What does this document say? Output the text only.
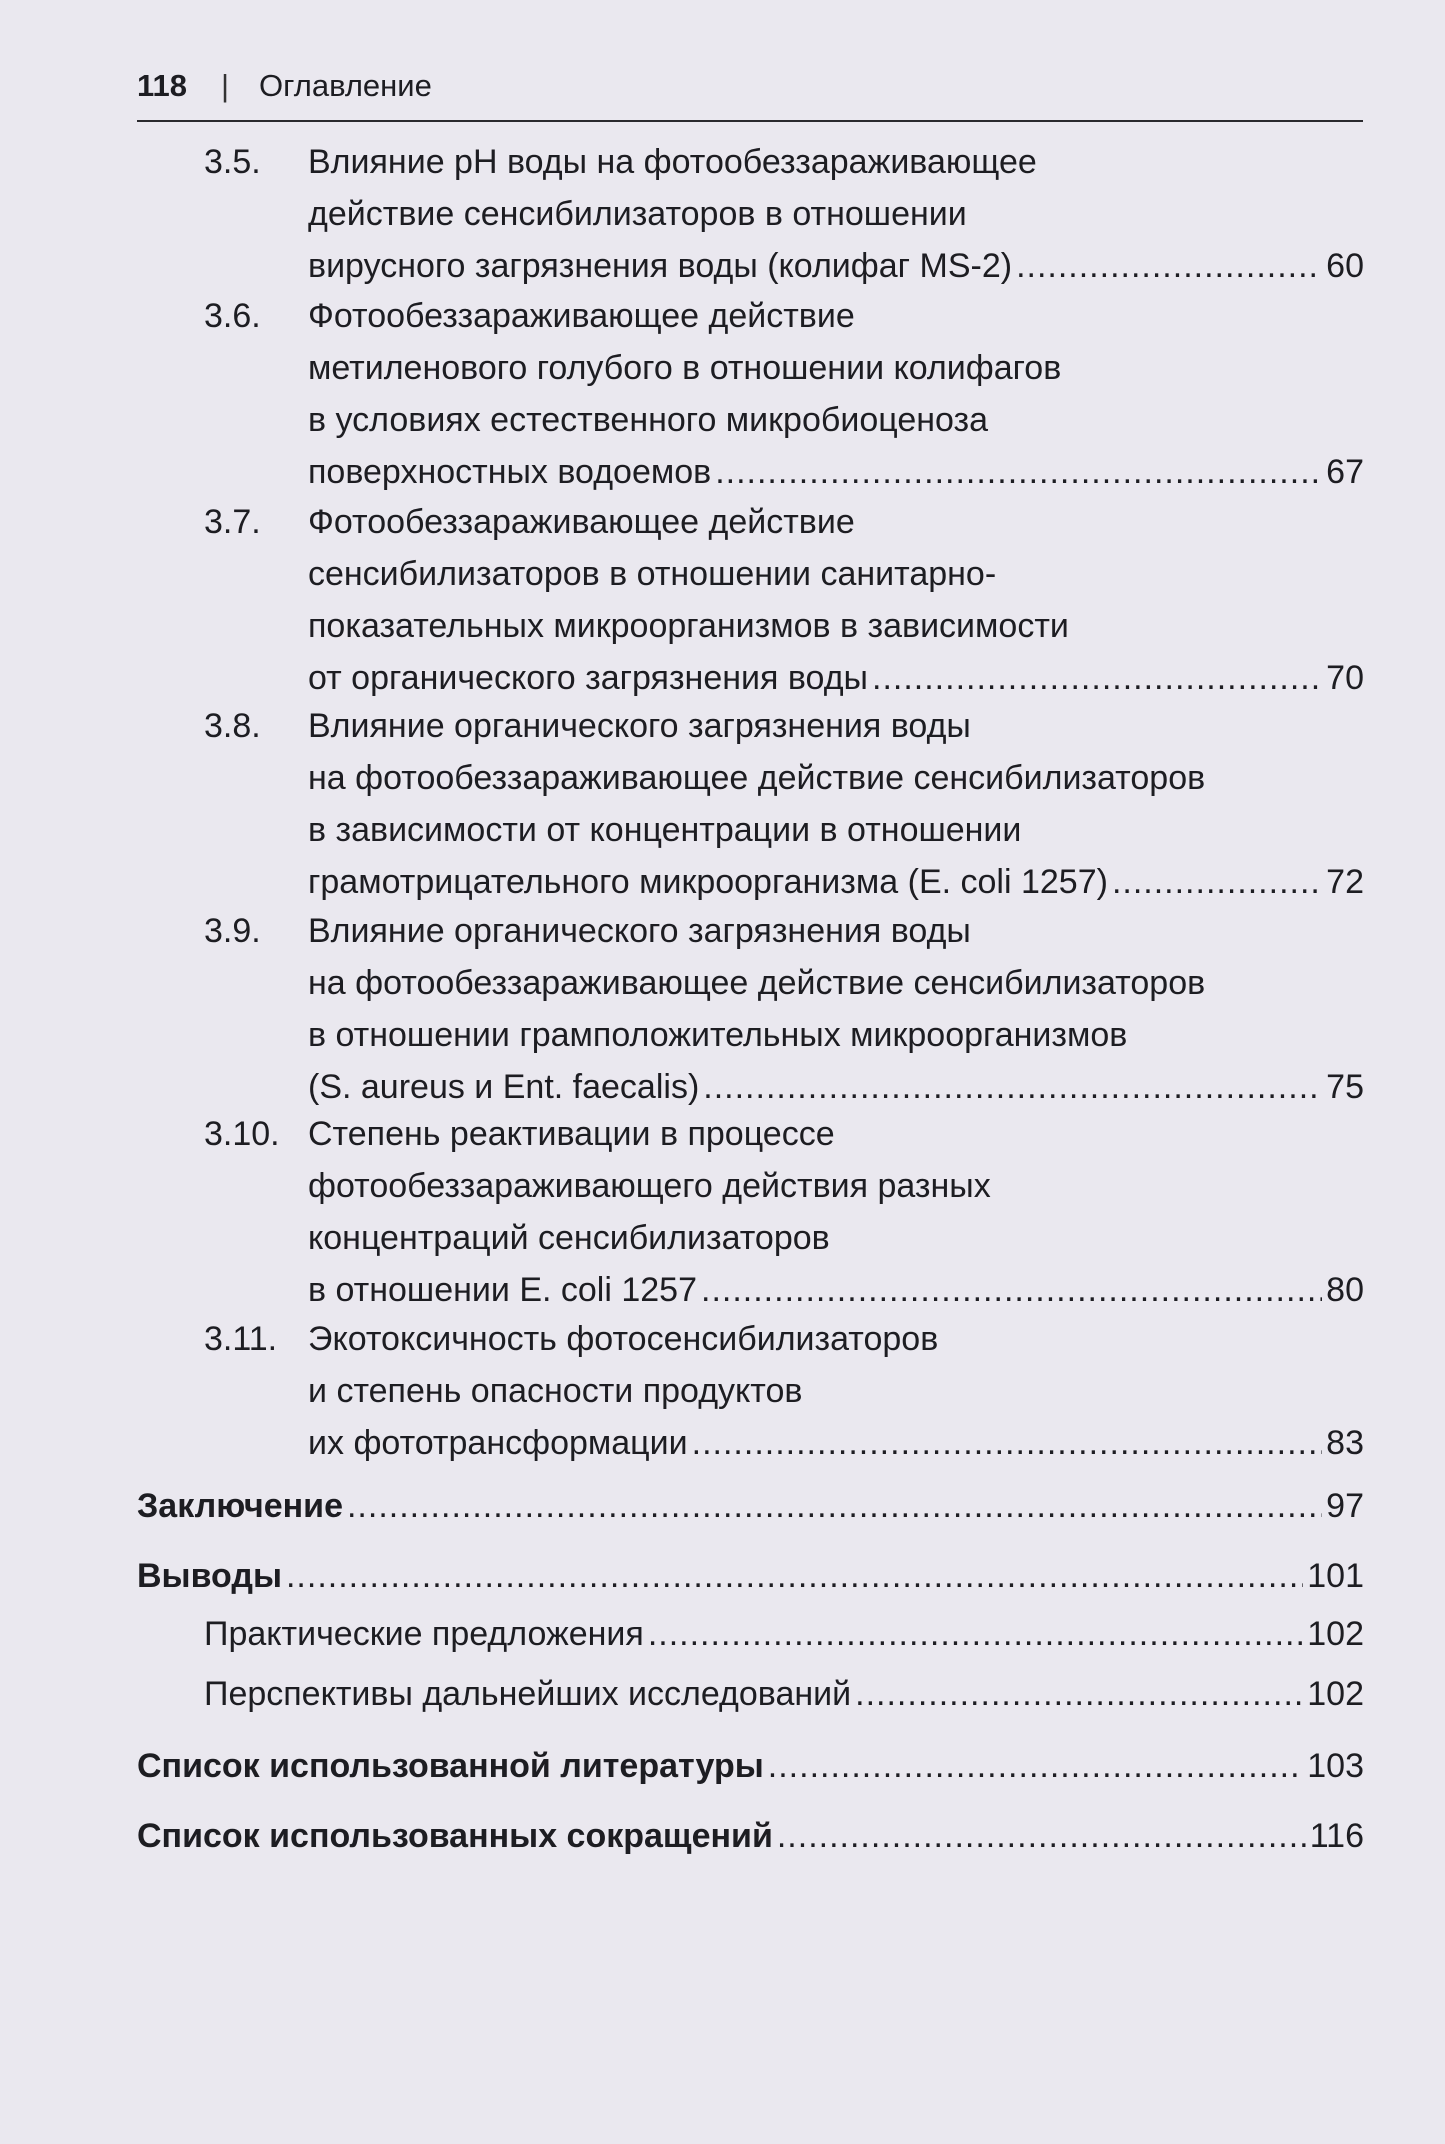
118 | Оглавление
3.5. Влияние pH воды на фотообеззараживающее
действие сенсибилизаторов в отношении
вирусного загрязнения воды (колифаг MS-2) .....	60
3.6. Фотообеззараживающее действие
метиленового голубого в отношении колифагов
в условиях естественного микробиоценоза
поверхностных водоемов .....	67
3.7. Фотообеззараживающее действие
сенсибилизаторов в отношении санитарно-
показательных микроорганизмов в зависимости
от органического загрязнения воды .....	70
3.8. Влияние органического загрязнения воды
на фотообеззараживающее действие сенсибилизаторов
в зависимости от концентрации в отношении
грамотрицательного микроорганизма (E. coli 1257) .....	72
3.9. Влияние органического загрязнения воды
на фотообеззараживающее действие сенсибилизаторов
в отношении грамположительных микроорганизмов
(S. aureus и Ent. faecalis) .....	75
3.10. Степень реактивации в процессе
фотообеззараживающего действия разных
концентраций сенсибилизаторов
в отношении E. coli 1257 .....	80
3.11. Экотоксичность фотосенсибилизаторов
и степень опасности продуктов
их фототрансформации .....	83
Заключение .....	97
Выводы .....	101
Практические предложения .....	102
Перспективы дальнейших исследований .....	102
Список использованной литературы .....	103
Список использованных сокращений .....	116
